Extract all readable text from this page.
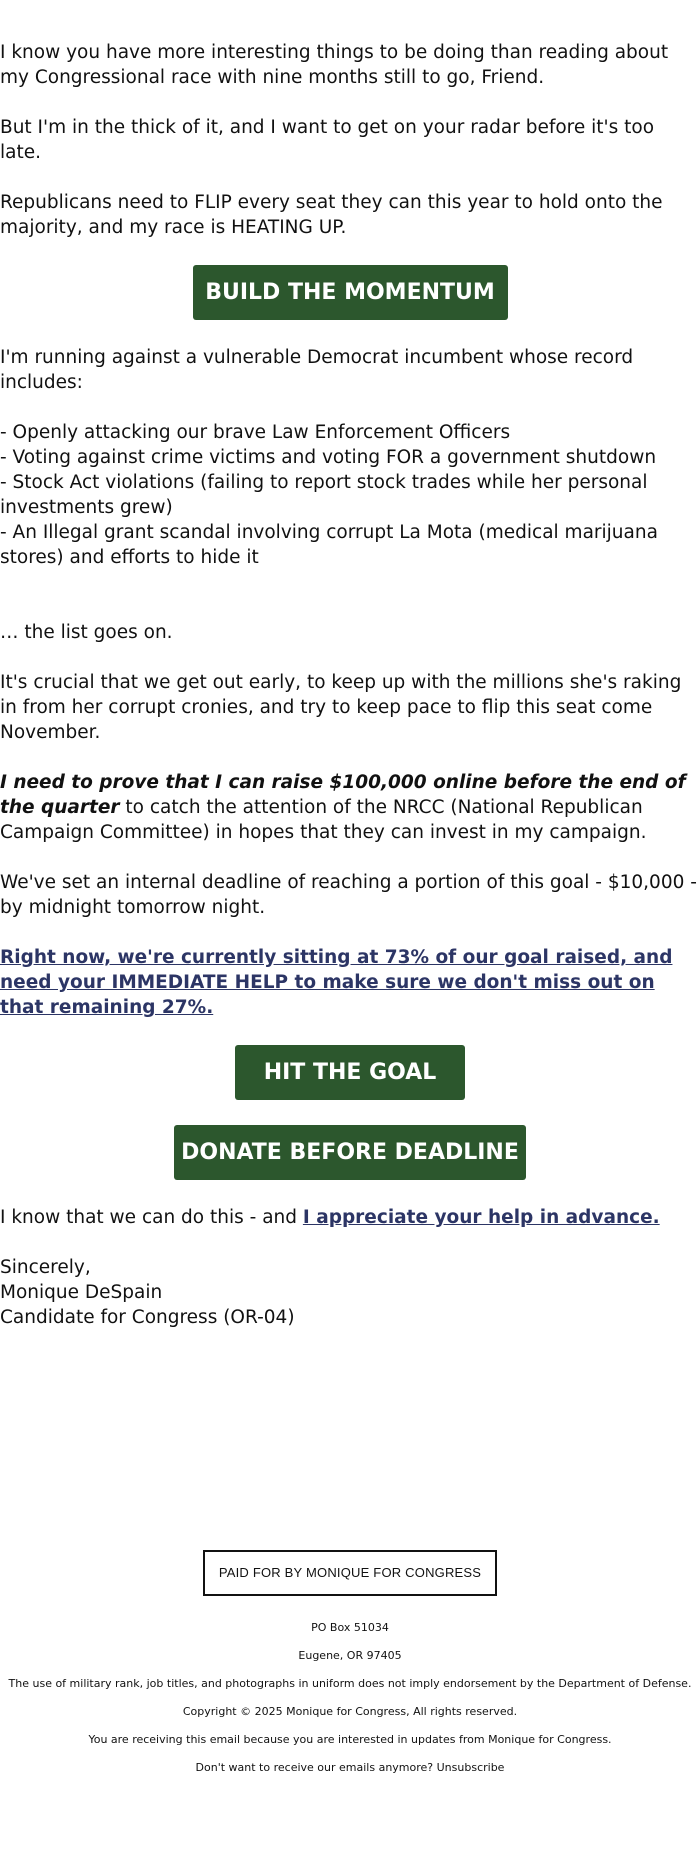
I know you have more interesting things to be doing than reading about my Congressional race with nine months still to go, Friend.

But I'm in the thick of it, and I want to get on your radar before it's too late.

Republicans need to FLIP every seat they can this year to hold onto the majority, and my race is HEATING UP.

BUILD THE MOMENTUM

I'm running against a vulnerable Democrat incumbent whose record includes:

- Openly attacking our brave Law Enforcement Officers
- Voting against crime victims and voting FOR a government shutdown
- Stock Act violations (failing to report stock trades while her personal investments grew)
- An Illegal grant scandal involving corrupt La Mota (medical marijuana stores) and efforts to hide it

… the list goes on.

It's crucial that we get out early, to keep up with the millions she's raking in from her corrupt cronies, and try to keep pace to flip this seat come November.

I need to prove that I can raise $100,000 online before the end of the quarter to catch the attention of the NRCC (National Republican Campaign Committee) in hopes that they can invest in my campaign.

We've set an internal deadline of reaching a portion of this goal - $10,000 - by midnight tomorrow night.

Right now, we're currently sitting at 73% of our goal raised, and need your IMMEDIATE HELP to make sure we don't miss out on that remaining 27%.

HIT THE GOAL
DONATE BEFORE DEADLINE

I know that we can do this - and I appreciate your help in advance.

Sincerely,
Monique DeSpain
Candidate for Congress (OR-04)

PAID FOR BY MONIQUE FOR CONGRESS

PO Box 51034

Eugene, OR 97405

The use of military rank, job titles, and photographs in uniform does not imply endorsement by the Department of Defense.

Copyright © 2025 Monique for Congress, All rights reserved.

You are receiving this email because you are interested in updates from Monique for Congress.

Don't want to receive our emails anymore? Unsubscribe
